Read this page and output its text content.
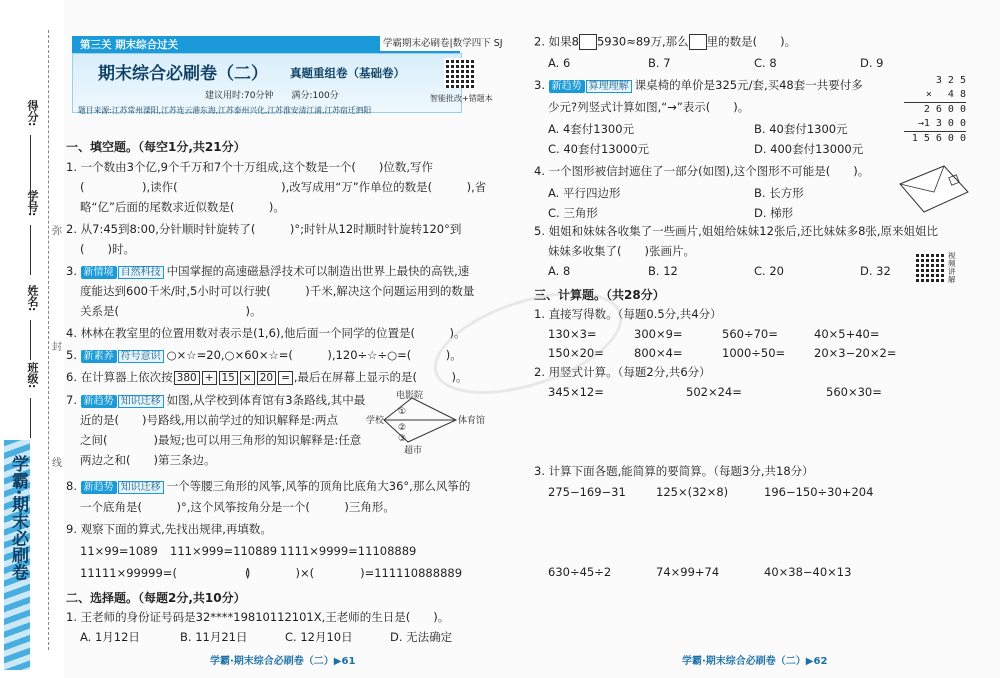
学霸·期末必刷卷
得分:
学号:
姓名:
班级:
弥
封
线
第三关 期末综合过关	学霸期末必刷卷|数学四下 SJ
期末综合必刷卷（二） 真题重组卷（基础卷）
建议用时:70分钟　　满分:100分	智能批改+错题本
题目来源:江苏常州溧阳,江苏连云港东海,江苏泰州兴化,江苏淮安清江浦,江苏宿迁泗阳
一、填空题。（每空1分,共21分）
1. 一个数由3个亿,9个千万和7个十万组成,这个数是一个(　　)位数,写作
(　　　　　),读作(　　　　　　　　　),改写成用“万”作单位的数是(　　　),省
略“亿”后面的尾数求近似数是(　　　)。
2. 从7:45到8:00,分针顺时针旋转了(　　　)°;时针从12时顺时针旋转120°到
(　　)时。
3. 新情境 自然科技 中国掌握的高速磁悬浮技术可以制造出世界上最快的高铁,速
度能达到600千米/时,5小时可以行驶(　　　)千米,解决这个问题运用到的数量
关系是(　　　　　　　　　　　)。
4. 林林在教室里的位置用数对表示是(1,6),他后面一个同学的位置是(　　　)。
5. 新素养 符号意识 ○×☆=20,○×60×☆=(　　　),120÷☆÷○=(　　　)。
6. 在计算器上依次按 380 + 15 × 20 = ,最后在屏幕上显示的是(　　　)。
7. 新趋势 知识迁移 如图,从学校到体育馆有3条路线,其中最
近的是(　　)号路线,用以前学过的知识解释是:两点
之间(　　　　)最短;也可以用三角形的知识解释是:任意
两边之和(　　)第三条边。
电影院
学校	体育馆
超市
①
②
③
8. 新趋势 知识迁移 一个等腰三角形的风筝,风筝的顶角比底角大36°,那么风筝的
一个底角是(　　　)°,这个风筝按角分是一个(　　　)三角形。
9. 观察下面的算式,先找出规律,再填数。
11×99=1089 111×999=110889 1111×9999=11108889
11111×99999=(　　　　　　)
(　　　　)×(　　　　)=111110888889
二、选择题。（每题2分,共10分）
1. 王老师的身份证号码是32****19810112101X,王老师的生日是(　　)。
A. 1月12日	B. 11月21日	C. 12月10日	D. 无法确定
学霸·期末综合必刷卷（二）▶61
2. 如果8 5930≈89万,那么 里的数是(　　)。
A. 6	B. 7	C. 8	D. 9
3. 新趋势 算理理解 课桌椅的单价是325元/套,买48套一共要付多
少元?列竖式计算如图,“→”表示(　　)。
A. 4套付1300元	B. 40套付1300元
C. 40套付13000元	D. 400套付13000元
3 2 5
× 　4 8
2 6 0 0
→1 3 0 0
1 5 6 0 0
4. 一个图形被信封遮住了一部分(如图),这个图形不可能是(　　)。
A. 平行四边形	B. 长方形
C. 三角形	D. 梯形
5. 姐姐和妹妹各收集了一些画片,姐姐给妹妹12张后,还比妹妹多8张,原来姐姐比
妹妹多收集了(　　)张画片。
A. 8	B. 12	C. 20	D. 32
视
频
讲
解
三、计算题。（共28分）
1. 直接写得数。（每题0.5分,共4分）
130×3=	300×9=	560÷70=	40×5+40=
150×20=	800×4=	1000÷50=	20×3−20×2=
2. 用竖式计算。（每题2分,共6分）
345×12=	502×24=	560×30=
3. 计算下面各题,能简算的要简算。（每题3分,共18分）
275−169−31	125×(32×8)	196−150÷30+204
630÷45÷2	74×99+74	40×38−40×13
学霸·期末综合必刷卷（二）▶62
